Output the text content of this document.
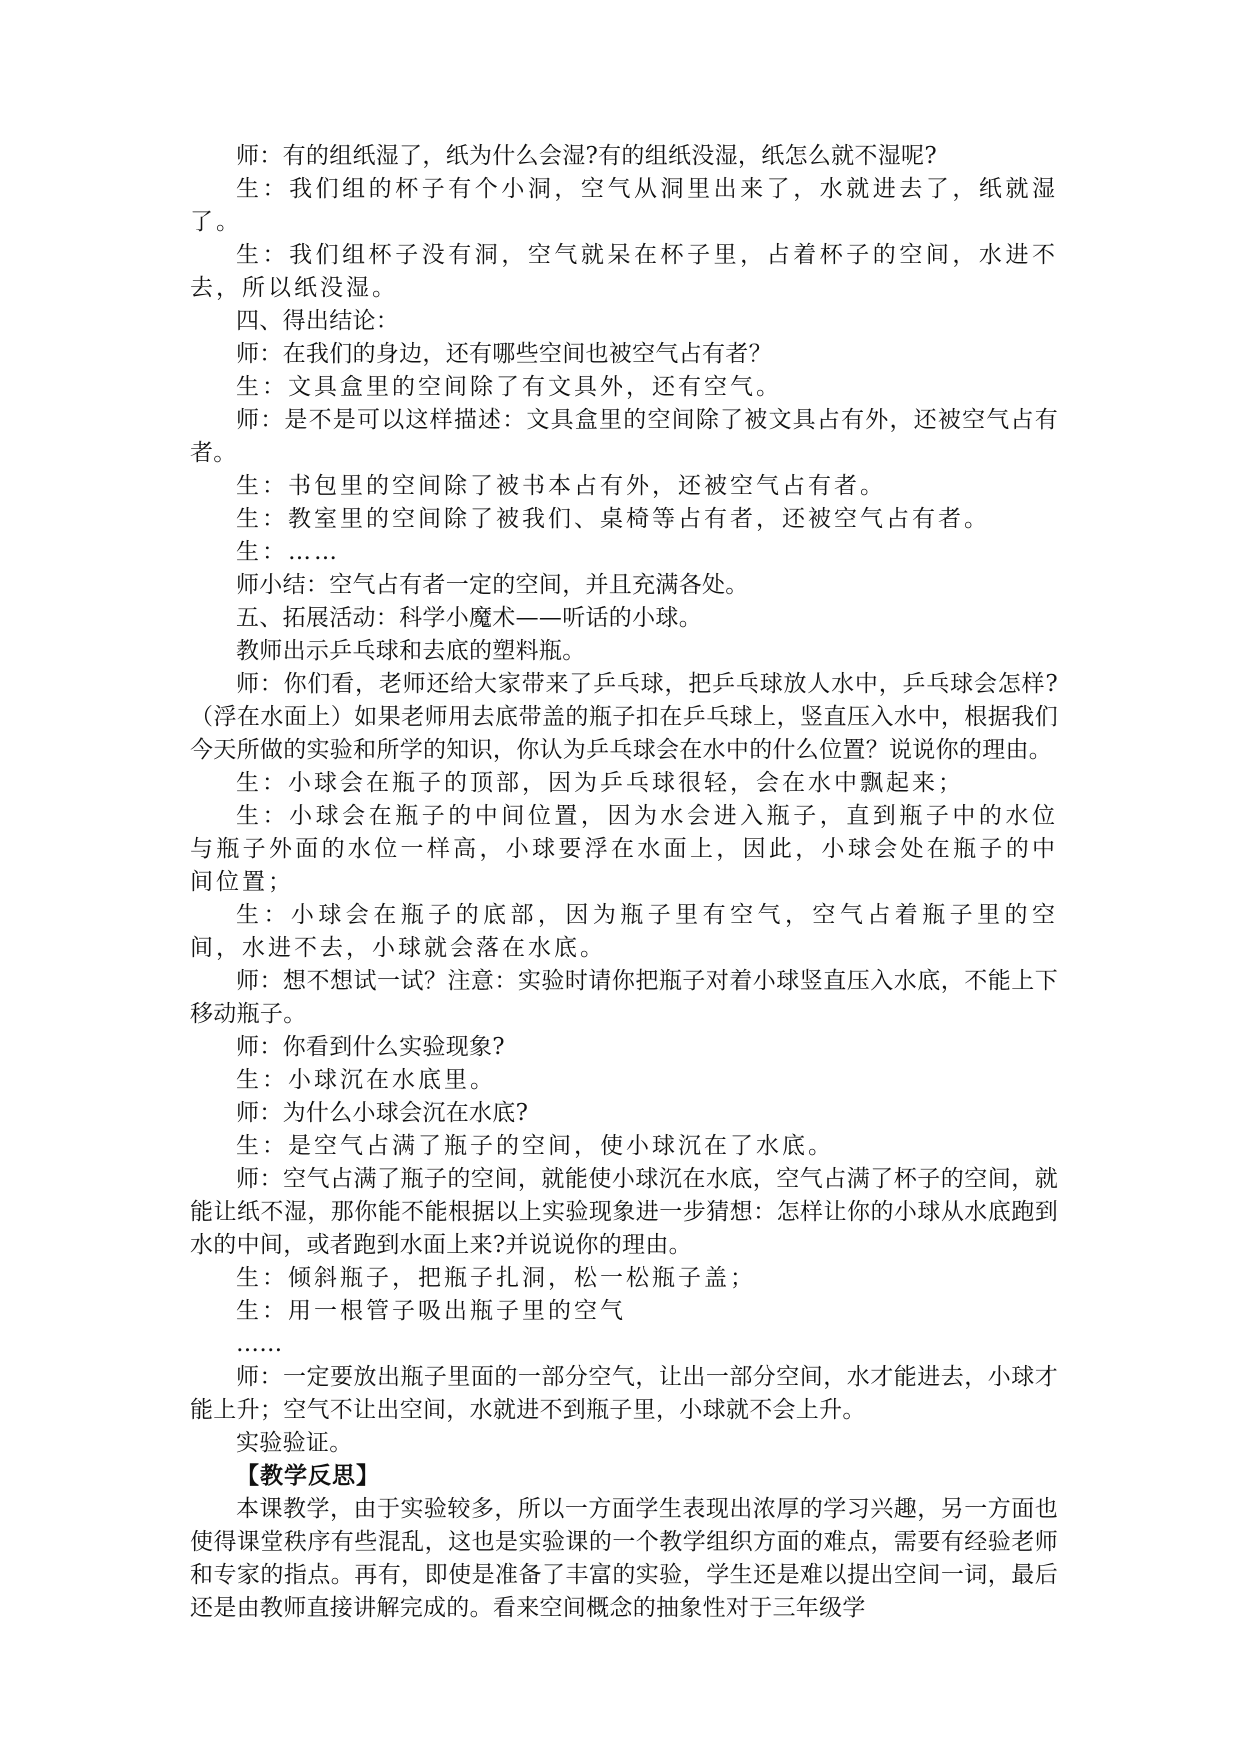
师：有的组纸湿了，纸为什么会湿?有的组纸没湿，纸怎么就不湿呢?

生：我们组的杯子有个小洞，空气从洞里出来了，水就进去了，纸就湿了。

生：我们组杯子没有洞，空气就呆在杯子里，占着杯子的空间，水进不去，所以纸没湿。

四、得出结论：

师：在我们的身边，还有哪些空间也被空气占有者？

生：文具盒里的空间除了有文具外，还有空气。

师：是不是可以这样描述：文具盒里的空间除了被文具占有外，还被空气占有者。

生：书包里的空间除了被书本占有外，还被空气占有者。

生：教室里的空间除了被我们、桌椅等占有者，还被空气占有者。

生：……

师小结：空气占有者一定的空间，并且充满各处。

五、拓展活动：科学小魔术——听话的小球。

教师出示乒乓球和去底的塑料瓶。

师：你们看，老师还给大家带来了乒乓球，把乒乓球放人水中，乒乓球会怎样?（浮在水面上）如果老师用去底带盖的瓶子扣在乒乓球上，竖直压入水中，根据我们今天所做的实验和所学的知识，你认为乒乓球会在水中的什么位置？说说你的理由。

生：小球会在瓶子的顶部，因为乒乓球很轻，会在水中飘起来；

生：小球会在瓶子的中间位置，因为水会进入瓶子，直到瓶子中的水位与瓶子外面的水位一样高，小球要浮在水面上，因此，小球会处在瓶子的中间位置；

生：小球会在瓶子的底部，因为瓶子里有空气，空气占着瓶子里的空间，水进不去，小球就会落在水底。

师：想不想试一试？注意：实验时请你把瓶子对着小球竖直压入水底，不能上下移动瓶子。

师：你看到什么实验现象?

生：小球沉在水底里。

师：为什么小球会沉在水底?

生：是空气占满了瓶子的空间，使小球沉在了水底。

师：空气占满了瓶子的空间，就能使小球沉在水底，空气占满了杯子的空间，就能让纸不湿，那你能不能根据以上实验现象进一步猜想：怎样让你的小球从水底跑到水的中间，或者跑到水面上来?并说说你的理由。

生：倾斜瓶子，把瓶子扎洞，松一松瓶子盖；

生：用一根管子吸出瓶子里的空气

……

师：一定要放出瓶子里面的一部分空气，让出一部分空间，水才能进去，小球才能上升；空气不让出空间，水就进不到瓶子里，小球就不会上升。

实验验证。

【教学反思】

本课教学，由于实验较多，所以一方面学生表现出浓厚的学习兴趣，另一方面也使得课堂秩序有些混乱，这也是实验课的一个教学组织方面的难点，需要有经验老师和专家的指点。再有，即使是准备了丰富的实验，学生还是难以提出空间一词，最后还是由教师直接讲解完成的。看来空间概念的抽象性对于三年级学
